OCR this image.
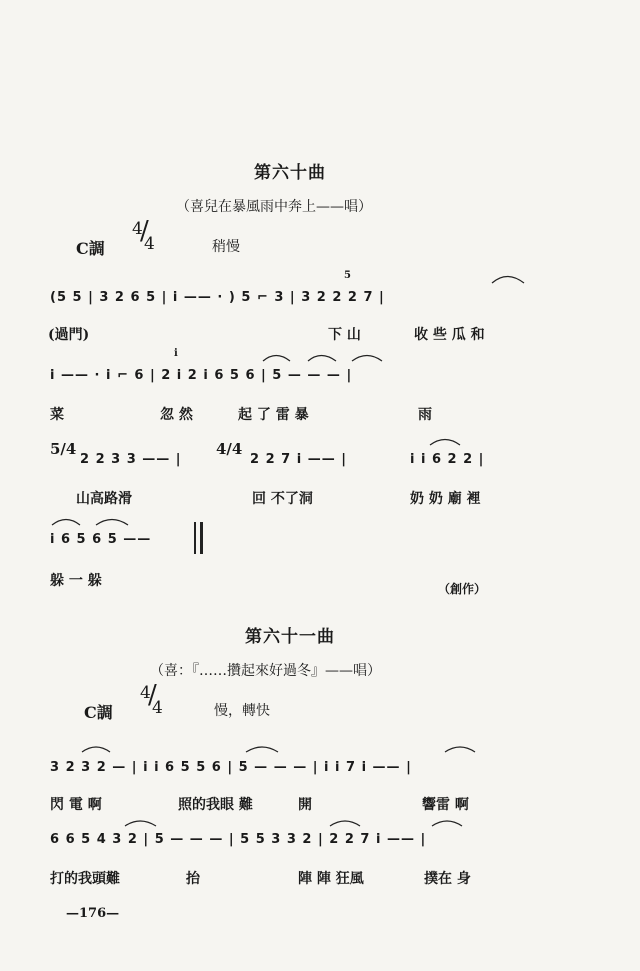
第六十曲
（喜兒在暴風雨中奔上——唱）
C調
4
/
4	稍慢
5
(5 5 | 3 2 6 5 | i —— · ) 5 ⌐ 3 | 3 2 2 2 7 |
(過門)	下 山	收 些 瓜 和
i
i —— · i ⌐ 6 | 2 i 2 i 6 5 6 | 5 — — — |
菜	忽 然	起 了 雷 暴	雨
5/4
2 2 3 3 —— |
4/4
2 2 7 i —— |	i i 6 2 2 |
山高路滑	回 不了洞	奶 奶 廟 裡
i 6 5 6 5 ——
躲 一 躲	（創作）
第六十一曲
（喜：『……攢起來好過冬』——唱）
C調
4
/
4	慢，轉快
3 2 3 2 — | i i 6 5 5 6 | 5 — — — | i i 7 i —— |
閃 電 啊	照的我眼 難	開	響雷 啊
6 6 5 4 3 2 | 5 — — — | 5 5 3 3 2 | 2 2 7 i —— |
打的我頭難	抬	陣 陣 狂風	撲在 身
—176—
